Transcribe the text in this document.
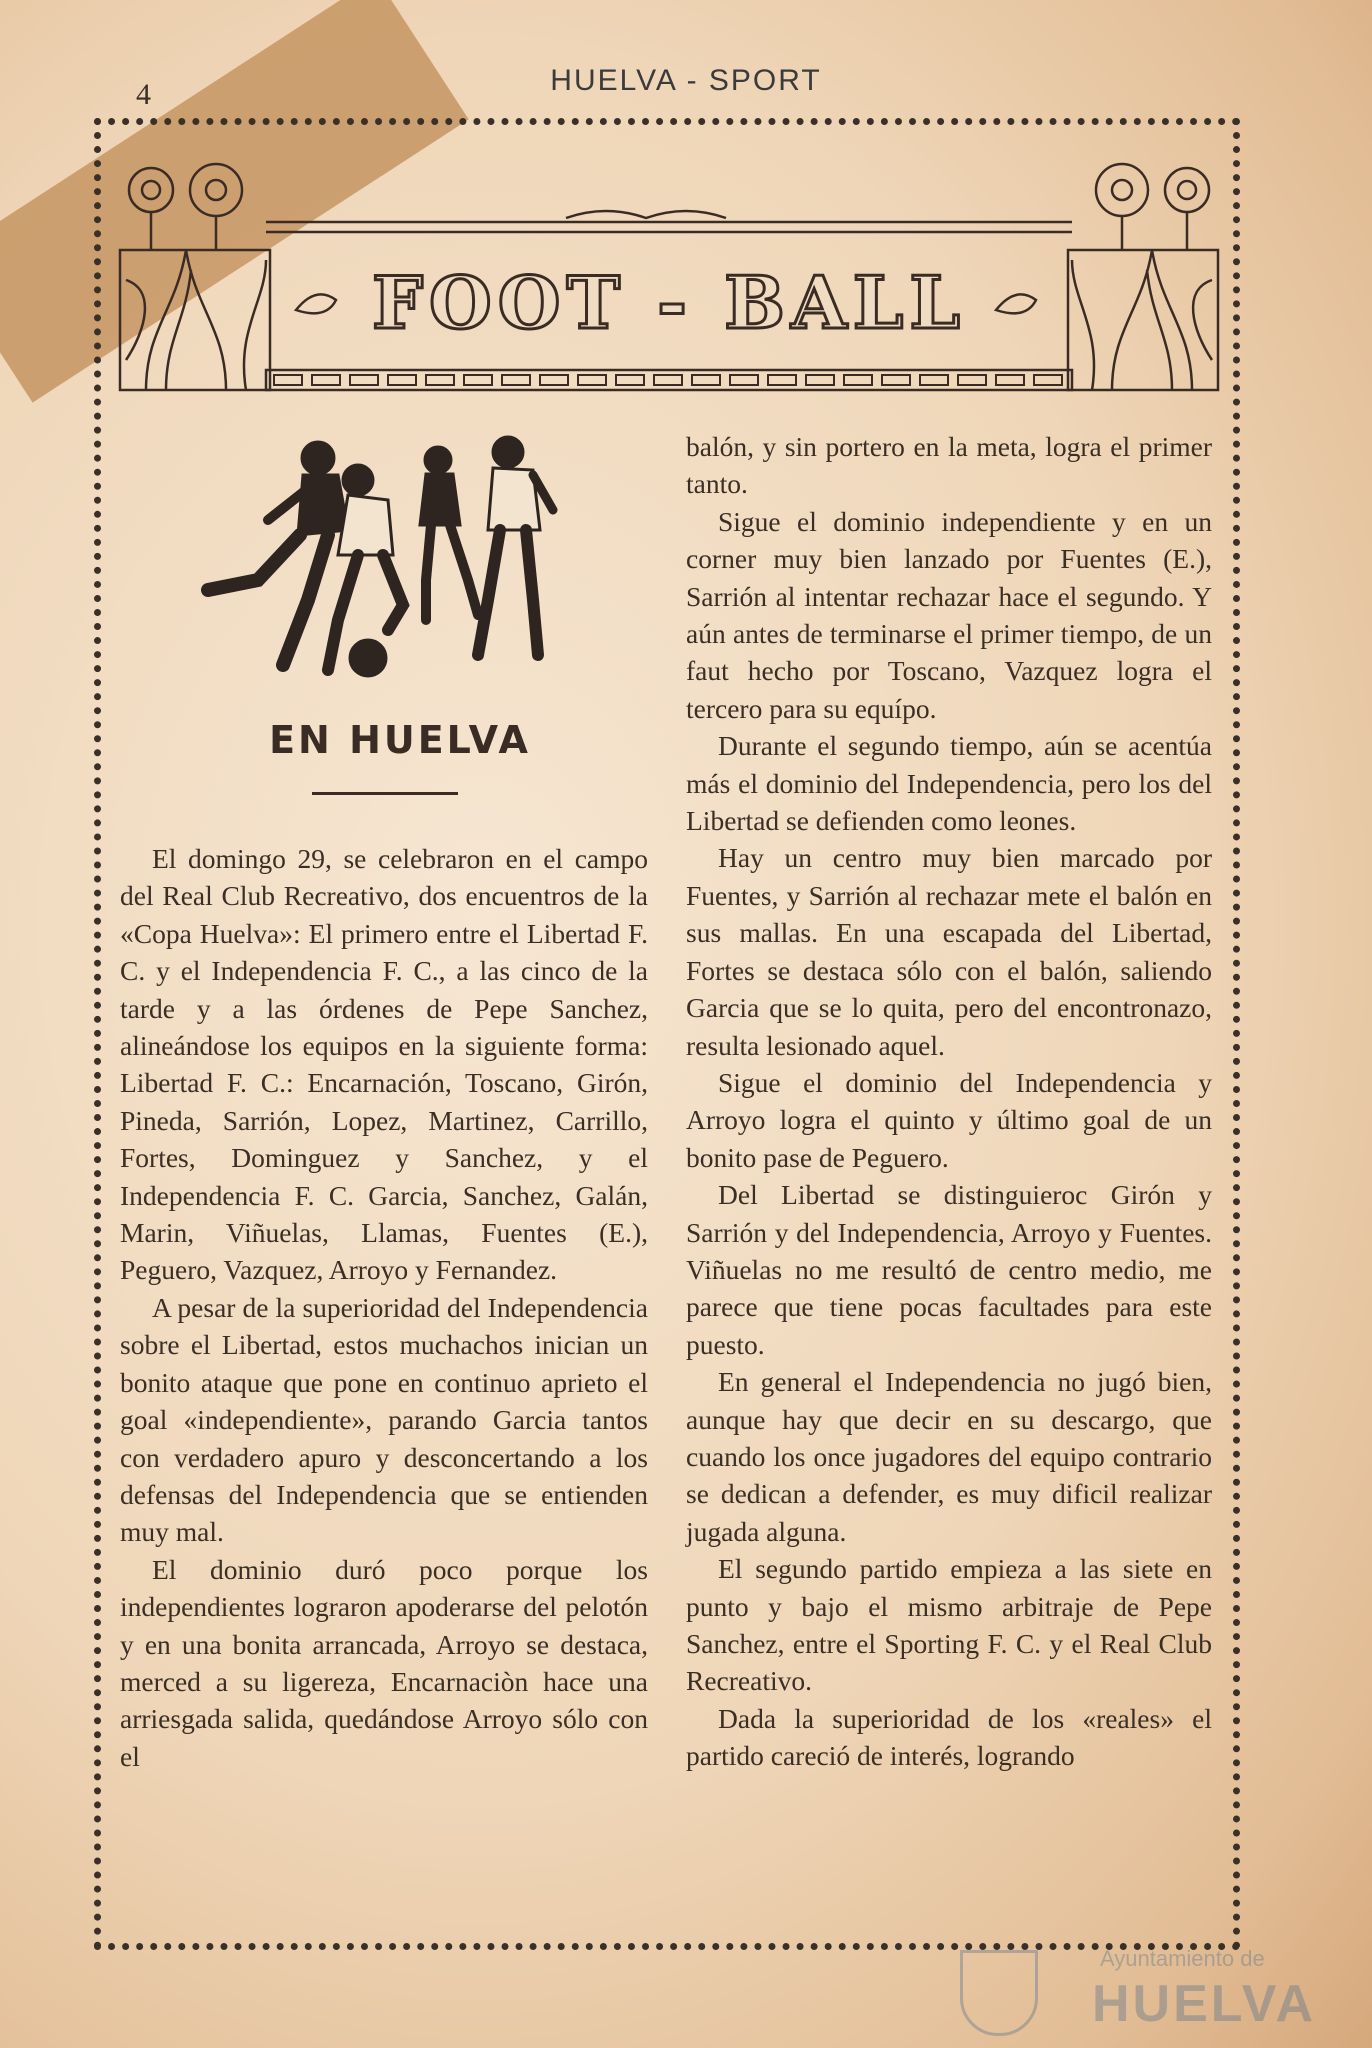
4	HUELVA - SPORT
FOOT - BALL
EN HUELVA

El domingo 29, se celebraron en el campo del Real Club Recreativo, dos encuentros de la «Copa Huelva»: El primero entre el Libertad F. C. y el Independencia F. C., a las cinco de la tarde y a las órdenes de Pepe Sanchez, alineándose los equipos en la siguiente forma: Libertad F. C.: Encarnación, Toscano, Girón, Pineda, Sarrión, Lopez, Martinez, Carrillo, Fortes, Dominguez y Sanchez, y el Independencia F. C. Garcia, Sanchez, Galán, Marin, Viñuelas, Llamas, Fuentes (E.), Peguero, Vazquez, Arroyo y Fernandez.

A pesar de la superioridad del Independencia sobre el Libertad, estos muchachos inician un bonito ataque que pone en continuo aprieto el goal «independiente», parando Garcia tantos con verdadero apuro y desconcertando a los defensas del Independencia que se entienden muy mal.

El dominio duró poco porque los independientes lograron apoderarse del pelotón y en una bonita arrancada, Arroyo se destaca, merced a su ligereza, Encarnaciòn hace una arriesgada salida, quedándose Arroyo sólo con el

balón, y sin portero en la meta, logra el primer tanto.

Sigue el dominio independiente y en un corner muy bien lanzado por Fuentes (E.), Sarrión al intentar rechazar hace el segundo. Y aún antes de terminarse el primer tiempo, de un faut hecho por Toscano, Vazquez logra el tercero para su equípo.

Durante el segundo tiempo, aún se acentúa más el dominio del Independencia, pero los del Libertad se defienden como leones.

Hay un centro muy bien marcado por Fuentes, y Sarrión al rechazar mete el balón en sus mallas. En una escapada del Libertad, Fortes se destaca sólo con el balón, saliendo Garcia que se lo quita, pero del encontronazo, resulta lesionado aquel.

Sigue el dominio del Independencia y Arroyo logra el quinto y último goal de un bonito pase de Peguero.

Del Libertad se distinguieroc Girón y Sarrión y del Independencia, Arroyo y Fuentes. Viñuelas no me resultó de centro medio, me parece que tiene pocas facultades para este puesto.

En general el Independencia no jugó bien, aunque hay que decir en su descargo, que cuando los once jugadores del equipo contrario se dedican a defender, es muy dificil realizar jugada alguna.

El segundo partido empieza a las siete en punto y bajo el mismo arbitraje de Pepe Sanchez, entre el Sporting F. C. y el Real Club Recreativo.

Dada la superioridad de los «reales» el partido careció de interés, logrando

Ayuntamiento de
HUELVA
